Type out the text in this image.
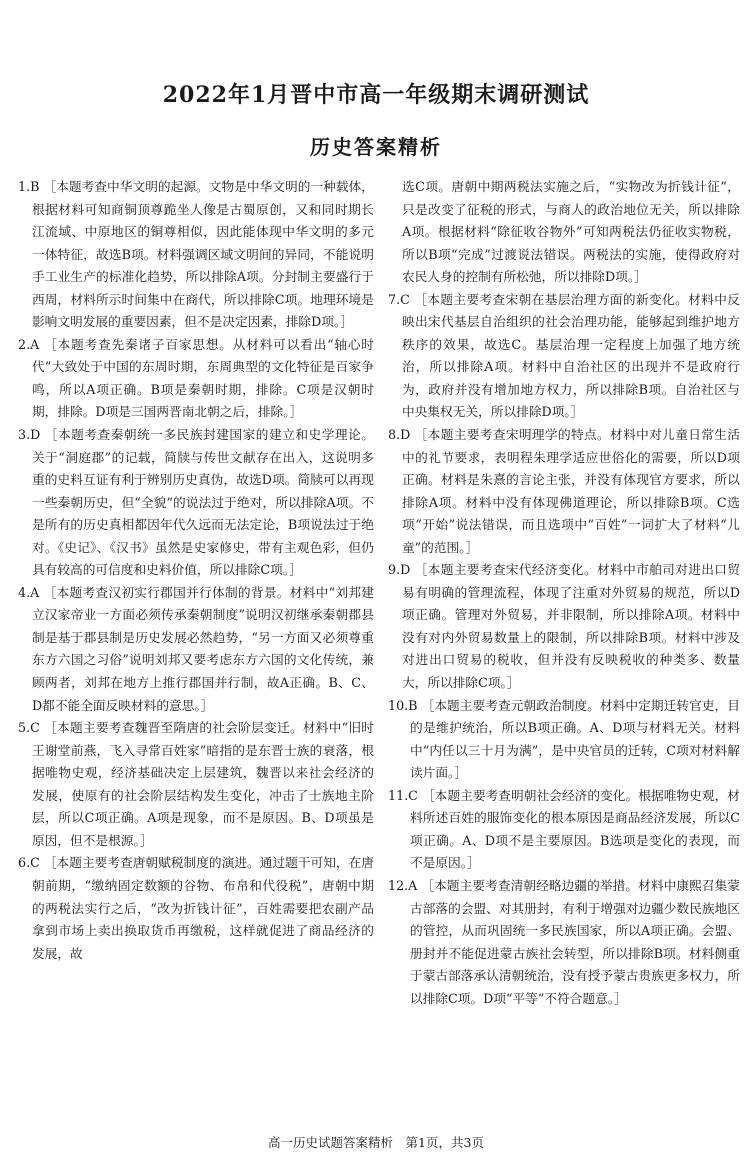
2022年1月晋中市高一年级期末调研测试
历史答案精析

1.B ［本题考查中华文明的起源。文物是中华文明的一种载体，根据材料可知商铜顶尊跪坐人像是古蜀原创，又和同时期长江流域、中原地区的铜尊相似，因此能体现中华文明的多元一体特征，故选B项。材料强调区域文明间的异同，不能说明手工业生产的标准化趋势，所以排除A项。分封制主要盛行于西周，材料所示时间集中在商代，所以排除C项。地理环境是影响文明发展的重要因素，但不是决定因素，排除D项。］

2.A ［本题考查先秦诸子百家思想。从材料可以看出“轴心时代”大致处于中国的东周时期，东周典型的文化特征是百家争鸣，所以A项正确。B项是秦朝时期，排除。C项是汉朝时期，排除。D项是三国两晋南北朝之后，排除。］

3.D ［本题考查秦朝统一多民族封建国家的建立和史学理论。关于“洞庭郡”的记载，简牍与传世文献存在出入，这说明多重的史料互证有利于辨别历史真伪，故选D项。简牍可以再现一些秦朝历史，但“全貌”的说法过于绝对，所以排除A项。不是所有的历史真相都因年代久远而无法定论，B项说法过于绝对。《史记》、《汉书》虽然是史家修史，带有主观色彩，但仍具有较高的可信度和史料价值，所以排除C项。］

4.A ［本题考查汉初实行郡国并行体制的背景。材料中“刘邦建立汉家帝业一方面必须传承秦朝制度”说明汉初继承秦朝郡县制是基于郡县制是历史发展必然趋势，“另一方面又必须尊重东方六国之习俗”说明刘邦又要考虑东方六国的文化传统，兼顾两者，刘邦在地方上推行郡国并行制，故A正确。B、C、D都不能全面反映材料的意思。］

5.C ［本题主要考查魏晋至隋唐的社会阶层变迁。材料中“旧时王谢堂前燕，飞入寻常百姓家”暗指的是东晋士族的衰落，根据唯物史观，经济基础决定上层建筑，魏晋以来社会经济的发展，使原有的社会阶层结构发生变化，冲击了士族地主阶层，所以C项正确。A项是现象，而不是原因。B、D项虽是原因，但不是根源。］

6.C ［本题主要考查唐朝赋税制度的演进。通过题干可知，在唐朝前期，“缴纳固定数额的谷物、布帛和代役税”，唐朝中期的两税法实行之后，“改为折钱计征”，百姓需要把农副产品拿到市场上卖出换取货币再缴税，这样就促进了商品经济的发展，故

选C项。唐朝中期两税法实施之后，“实物改为折钱计征”，只是改变了征税的形式，与商人的政治地位无关，所以排除A项。根据材料“除征收谷物外”可知两税法仍征收实物税，所以B项“完成”过渡说法错误。两税法的实施，使得政府对农民人身的控制有所松弛，所以排除D项。］

7.C ［本题主要考查宋朝在基层治理方面的新变化。材料中反映出宋代基层自治组织的社会治理功能，能够起到维护地方秩序的效果，故选C。基层治理一定程度上加强了地方统治，所以排除A项。材料中自治社区的出现并不是政府行为，政府并没有增加地方权力，所以排除B项。自治社区与中央集权无关，所以排除D项。］

8.D ［本题主要考查宋明理学的特点。材料中对儿童日常生活中的礼节要求，表明程朱理学适应世俗化的需要，所以D项正确。材料是朱熹的言论主张，并没有体现官方要求，所以排除A项。材料中没有体现佛道理论，所以排除B项。C选项“开始”说法错误，而且选项中“百姓”一词扩大了材料“儿童”的范围。］

9.D ［本题主要考查宋代经济变化。材料中市舶司对进出口贸易有明确的管理流程，体现了注重对外贸易的规范，所以D项正确。管理对外贸易，并非限制，所以排除A项。材料中没有对内外贸易数量上的限制，所以排除B项。材料中涉及对进出口贸易的税收，但并没有反映税收的种类多、数量大，所以排除C项。］

10.B ［本题主要考查元朝政治制度。材料中定期迁转官吏，目的是维护统治，所以B项正确。A、D项与材料无关。材料中“内任以三十月为满”，是中央官员的迁转，C项对材料解读片面。］

11.C ［本题主要考查明朝社会经济的变化。根据唯物史观，材料所述百姓的服饰变化的根本原因是商品经济发展，所以C项正确。A、D项不是主要原因。B选项是变化的表现，而不是原因。］

12.A ［本题主要考查清朝经略边疆的举措。材料中康熙召集蒙古部落的会盟、对其册封，有利于增强对边疆少数民族地区的管控，从而巩固统一多民族国家，所以A项正确。会盟、册封并不能促进蒙古族社会转型，所以排除B项。材料侧重于蒙古部落承认清朝统治，没有授予蒙古贵族更多权力，所以排除C项。D项“平等”不符合题意。］

高一历史试题答案精析　第1页，共3页
